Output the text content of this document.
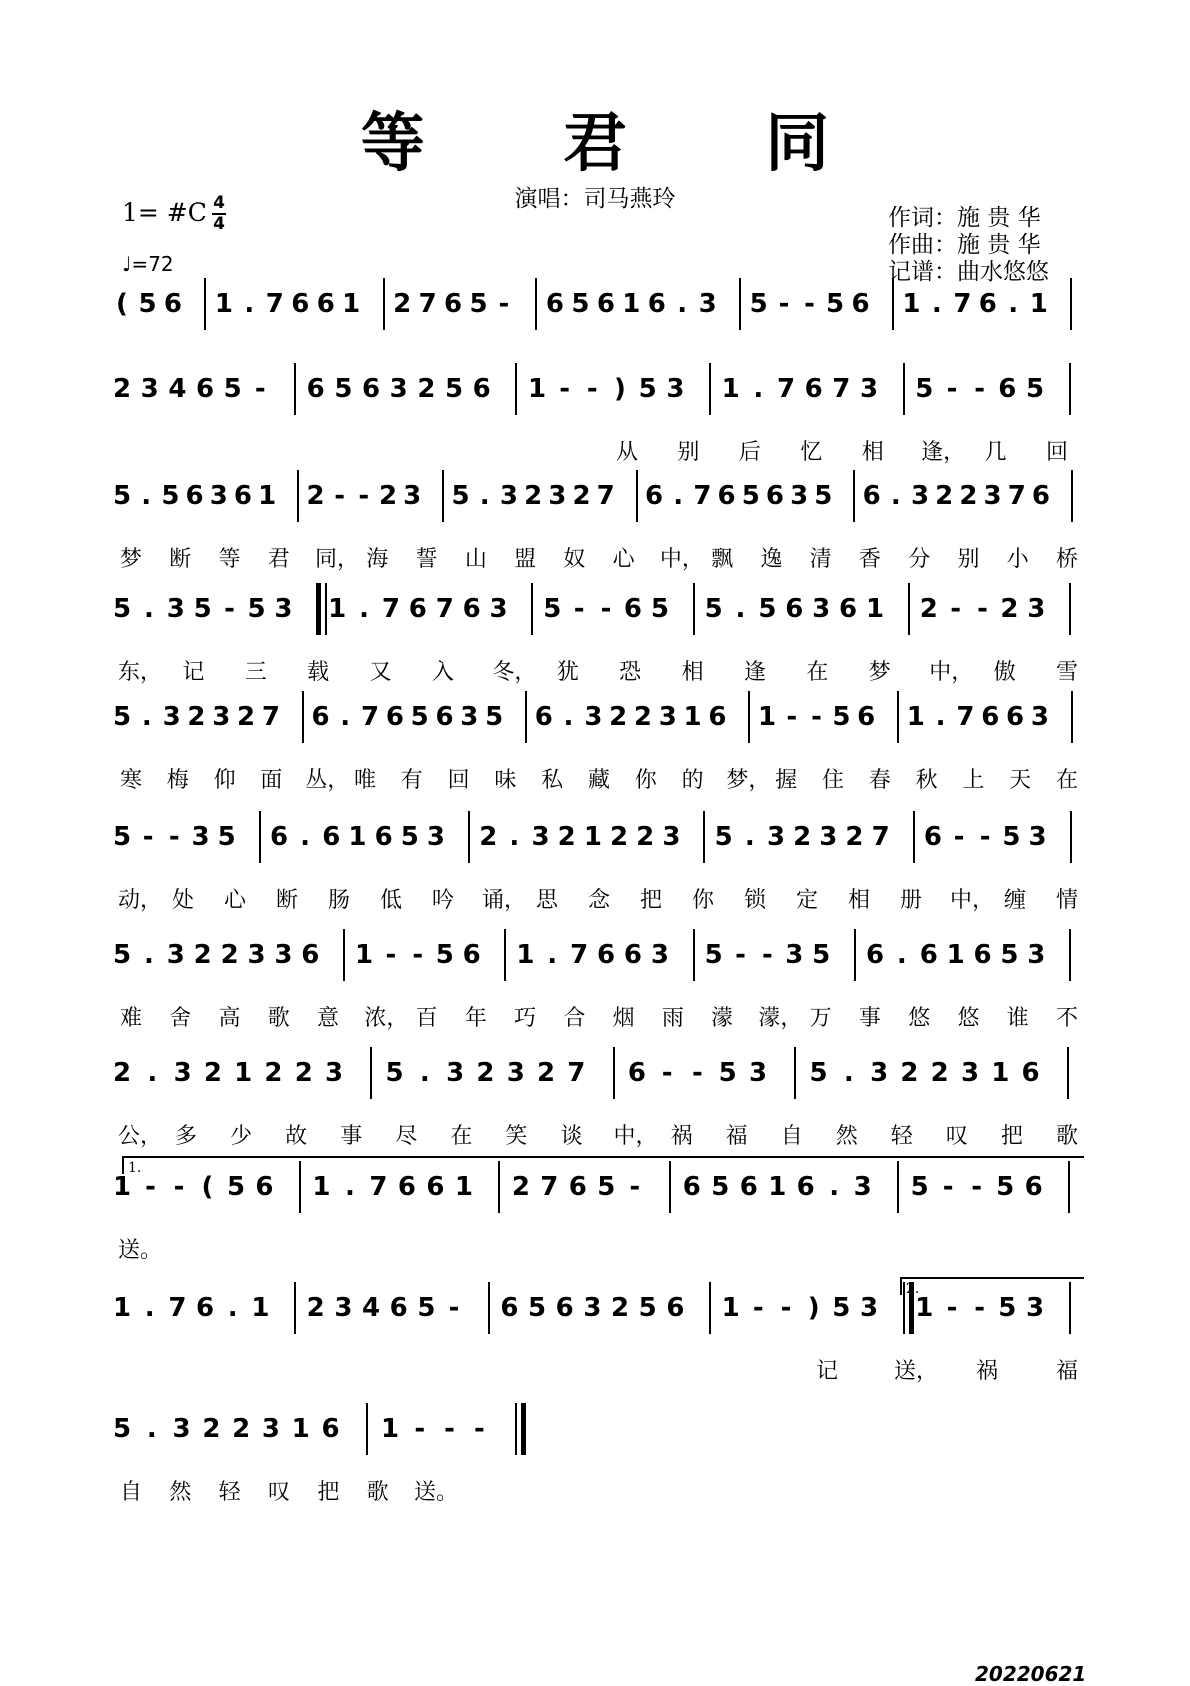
等 君 同
演唱：司马燕玲
1= #C 4
4
♩=72
作词：施 贵 华
作曲：施 贵 华
记谱：曲水悠悠
( 5 6 1 . 7 6 6 1 2 7 6 5 - 6 5 6 1 6 . 3 5 - - 5 6 1 . 7 6 . 1
2 3 4 6 5 - 6 5 6 3 2 5 6 1 - - ) 5 3 1 . 7 6 7 3 5 - - 6 5
从 别 后 忆 相 逢， 几 回
5 . 5 6 3 6 1 2 - - 2 3 5 . 3 2 3 2 7 6 . 7 6 5 6 3 5 6 . 3 2 2 3 7 6
梦 断 等 君 同， 海 誓 山 盟 奴 心 中， 飘 逸 清 香 分 别 小 桥
5 . 3 5 - 5 3 1 . 7 6 7 6 3 5 - - 6 5 5 . 5 6 3 6 1 2 - - 2 3
东， 记 三 载 又 入 冬， 犹 恐 相 逢 在 梦 中， 傲 雪
5 . 3 2 3 2 7 6 . 7 6 5 6 3 5 6 . 3 2 2 3 1 6 1 - - 5 6 1 . 7 6 6 3
寒 梅 仰 面 丛， 唯 有 回 味 私 藏 你 的 梦， 握 住 春 秋 上 天 在
5 - - 3 5 6 . 6 1 6 5 3 2 . 3 2 1 2 2 3 5 . 3 2 3 2 7 6 - - 5 3
动， 处 心 断 肠 低 吟 诵， 思 念 把 你 锁 定 相 册 中， 缠 情
5 . 3 2 2 3 3 6 1 - - 5 6 1 . 7 6 6 3 5 - - 3 5 6 . 6 1 6 5 3
难 舍 高 歌 意 浓， 百 年 巧 合 烟 雨 濛 濛， 万 事 悠 悠 谁 不
2 . 3 2 1 2 2 3 5 . 3 2 3 2 7 6 - - 5 3 5 . 3 2 2 3 1 6
公， 多 少 故 事 尽 在 笑 谈 中， 祸 福 自 然 轻 叹 把 歌
1.
1 - - ( 5 6 1 . 7 6 6 1 2 7 6 5 - 6 5 6 1 6 . 3 5 - - 5 6
送。
2.
1 . 7 6 . 1 2 3 4 6 5 - 6 5 6 3 2 5 6 1 - - ) 5 3 1 - - 5 3
记	送， 祸	福
5 . 3 2 2 3 1 6 1 - - -
自 然 轻 叹 把 歌 送。
20220621
